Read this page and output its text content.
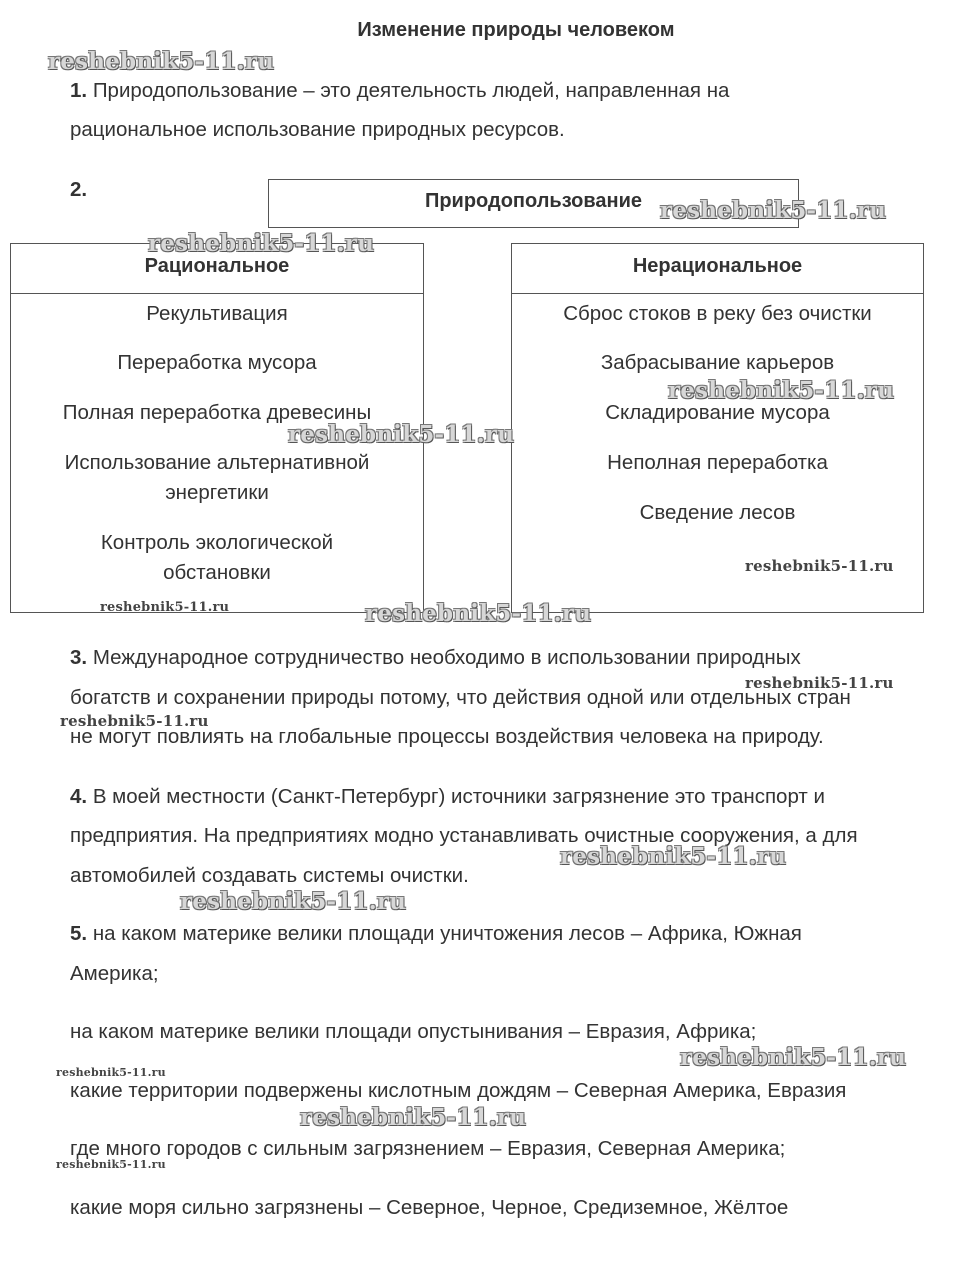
Изменение природы человеком
1. Природопользование – это деятельность людей, направленная на
рациональное использование природных ресурсов.
2.	Природопользование
Рациональное
Рекультивация
Переработка мусора
Полная переработка древесины
Использование альтернативной энергетики
Контроль экологической обстановки
Нерациональное
Сброс стоков в реку без очистки
Забрасывание карьеров
Складирование мусора
Неполная переработка
Сведение лесов
3. Международное сотрудничество необходимо в использовании природных
богатств и сохранении природы потому, что действия одной или отдельных стран
не могут повлиять на глобальные процессы воздействия человека на природу.
4. В моей местности (Санкт-Петербург) источники загрязнение это транспорт и
предприятия. На предприятиях модно устанавливать очистные сооружения, а для
автомобилей создавать системы очистки.
5. на каком материке велики площади уничтожения лесов – Африка, Южная
Америка;
на каком материке велики площади опустынивания – Евразия, Африка;
какие территории подвержены кислотным дождям – Северная Америка, Евразия
где много городов с сильным загрязнением – Евразия, Северная Америка;
какие моря сильно загрязнены – Северное, Черное, Средиземное, Жёлтое
reshebnik5-11.ru
reshebnik5-11.ru
reshebnik5-11.ru
reshebnik5-11.ru
reshebnik5-11.ru
reshebnik5-11.ru
reshebnik5-11.ru	reshebnik5-11.ru
reshebnik5-11.ru
reshebnik5-11.ru
reshebnik5-11.ru
reshebnik5-11.ru
reshebnik5-11.ru
reshebnik5-11.ru
reshebnik5-11.ru
reshebnik5-11.ru
